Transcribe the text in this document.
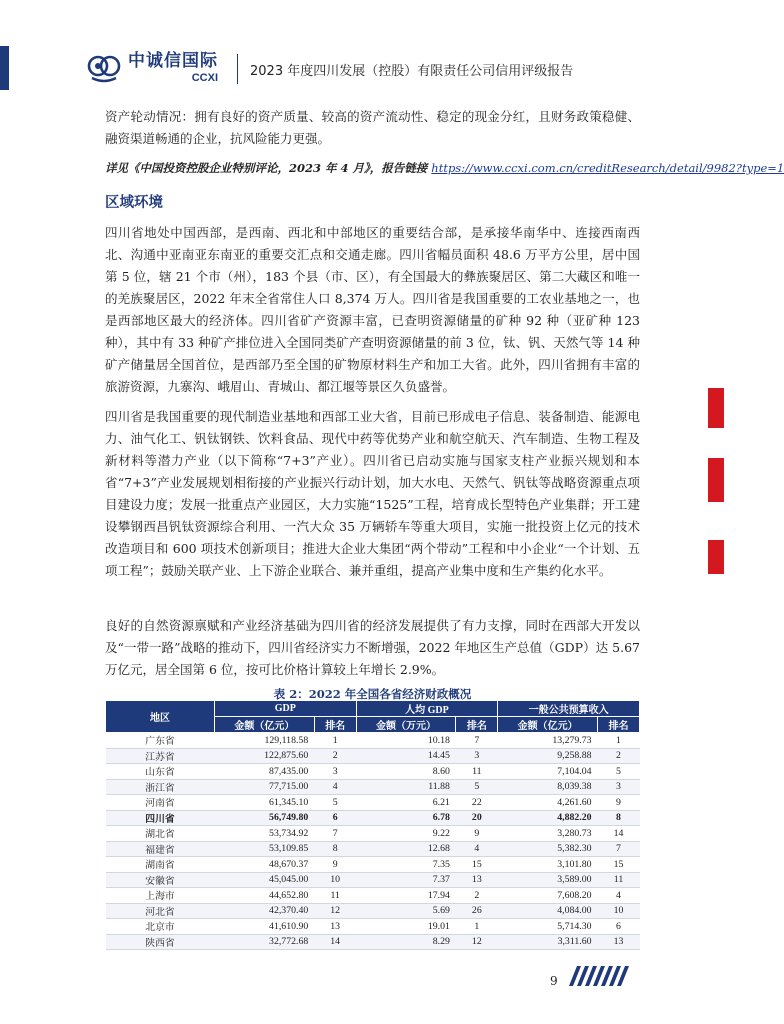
中诚信国际
CCXI 2023 年度四川发展（控股）有限责任公司信用评级报告

资产轮动情况：拥有良好的资产质量、较高的资产流动性、稳定的现金分红，且财务政策稳健、融资渠道畅通的企业，抗风险能力更强。

详见《中国投资控股企业特别评论，2023 年 4 月》，报告链接 https://www.ccxi.com.cn/creditResearch/detail/9982?type=1
区域环境

四川省地处中国西部，是西南、西北和中部地区的重要结合部，是承接华南华中、连接西南西北、沟通中亚南亚东南亚的重要交汇点和交通走廊。四川省幅员面积 48.6 万平方公里，居中国第 5 位，辖 21 个市（州），183 个县（市、区），有全国最大的彝族聚居区、第二大藏区和唯一的羌族聚居区，2022 年末全省常住人口 8,374 万人。四川省是我国重要的工农业基地之一，也是西部地区最大的经济体。四川省矿产资源丰富，已查明资源储量的矿种 92 种（亚矿种 123 种），其中有 33 种矿产排位进入全国同类矿产查明资源储量的前 3 位，钛、钒、天然气等 14 种矿产储量居全国首位，是西部乃至全国的矿物原材料生产和加工大省。此外，四川省拥有丰富的旅游资源，九寨沟、峨眉山、青城山、都江堰等景区久负盛誉。

四川省是我国重要的现代制造业基地和西部工业大省，目前已形成电子信息、装备制造、能源电力、油气化工、钒钛钢铁、饮料食品、现代中药等优势产业和航空航天、汽车制造、生物工程及新材料等潜力产业（以下简称“7+3”产业）。四川省已启动实施与国家支柱产业振兴规划和本省“7+3”产业发展规划相衔接的产业振兴行动计划，加大水电、天然气、钒钛等战略资源重点项目建设力度；发展一批重点产业园区，大力实施“1525”工程，培育成长型特色产业集群；开工建设攀钢西昌钒钛资源综合利用、一汽大众 35 万辆轿车等重大项目，实施一批投资上亿元的技术改造项目和 600 项技术创新项目；推进大企业大集团“两个带动”工程和中小企业“一个计划、五项工程”；鼓励关联产业、上下游企业联合、兼并重组，提高产业集中度和生产集约化水平。

良好的自然资源禀赋和产业经济基础为四川省的经济发展提供了有力支撑，同时在西部大开发以及“一带一路”战略的推动下，四川省经济实力不断增强，2022 年地区生产总值（GDP）达 5.67 万亿元，居全国第 6 位，按可比价格计算较上年增长 2.9%。

表 2：2022 年全国各省经济财政概况
地区	GDP		人均 GDP		一般公共预算收入	
	金额（亿元）	排名	金额（万元）	排名	金额（亿元）	排名
广东省	129,118.58	1	10.18	7	13,279.73	1
江苏省	122,875.60	2	14.45	3	9,258.88	2
山东省	87,435.00	3	8.60	11	7,104.04	5
浙江省	77,715.00	4	11.88	5	8,039.38	3
河南省	61,345.10	5	6.21	22	4,261.60	9
四川省	56,749.80	6	6.78	20	4,882.20	8
湖北省	53,734.92	7	9.22	9	3,280.73	14
福建省	53,109.85	8	12.68	4	5,382.30	7
湖南省	48,670.37	9	7.35	15	3,101.80	15
安徽省	45,045.00	10	7.37	13	3,589.00	11
上海市	44,652.80	11	17.94	2	7,608.20	4
河北省	42,370.40	12	5.69	26	4,084.00	10
北京市	41,610.90	13	19.01	1	5,714.30	6
陕西省	32,772.68	14	8.29	12	3,311.60	13
9
